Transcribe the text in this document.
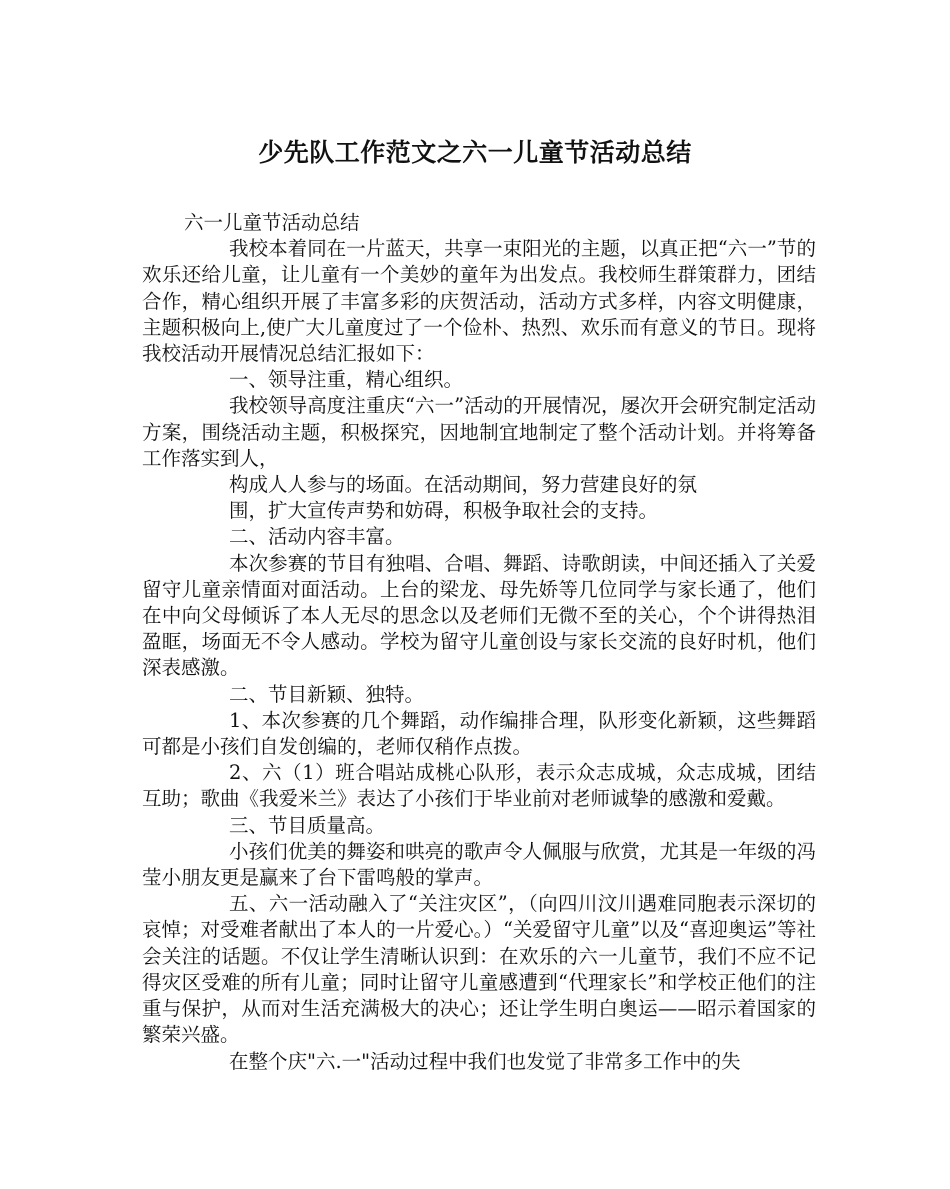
少先队工作范文之六一儿童节活动总结

六一儿童节活动总结

我校本着同在一片蓝天，共享一束阳光的主题，以真正把“六一”节的欢乐还给儿童，让儿童有一个美妙的童年为出发点。我校师生群策群力，团结合作，精心组织开展了丰富多彩的庆贺活动，活动方式多样，内容文明健康，主题积极向上,使广大儿童度过了一个俭朴、热烈、欢乐而有意义的节日。现将我校活动开展情况总结汇报如下：

一、领导注重，精心组织。

我校领导高度注重庆“六一”活动的开展情况，屡次开会研究制定活动方案，围绕活动主题，积极探究，因地制宜地制定了整个活动计划。并将筹备工作落实到人，

构成人人参与的场面。在活动期间，努力营建良好的氛

围，扩大宣传声势和妨碍，积极争取社会的支持。

二、活动内容丰富。

本次参赛的节目有独唱、合唱、舞蹈、诗歌朗读，中间还插入了关爱留守儿童亲情面对面活动。上台的梁龙、母先娇等几位同学与家长通了，他们在中向父母倾诉了本人无尽的思念以及老师们无微不至的关心，个个讲得热泪盈眶，场面无不令人感动。学校为留守儿童创设与家长交流的良好时机，他们深表感激。

二、节目新颖、独特。

1、本次参赛的几个舞蹈，动作编排合理，队形变化新颖，这些舞蹈可都是小孩们自发创编的，老师仅稍作点拨。

2、六（1）班合唱站成桃心队形，表示众志成城，众志成城，团结互助；歌曲《我爱米兰》表达了小孩们于毕业前对老师诚挚的感激和爱戴。

三、节目质量高。

小孩们优美的舞姿和哄亮的歌声令人佩服与欣赏，尤其是一年级的冯莹小朋友更是赢来了台下雷鸣般的掌声。

五、六一活动融入了“关注灾区”，（向四川汶川遇难同胞表示深切的哀悼；对受难者献出了本人的一片爱心。）“关爱留守儿童”以及“喜迎奥运”等社会关注的话题。不仅让学生清晰认识到：在欢乐的六一儿童节，我们不应不记得灾区受难的所有儿童；同时让留守儿童感遭到“代理家长”和学校正他们的注重与保护，从而对生活充满极大的决心；还让学生明白奥运——昭示着国家的繁荣兴盛。

在整个庆"六.一"活动过程中我们也发觉了非常多工作中的失
